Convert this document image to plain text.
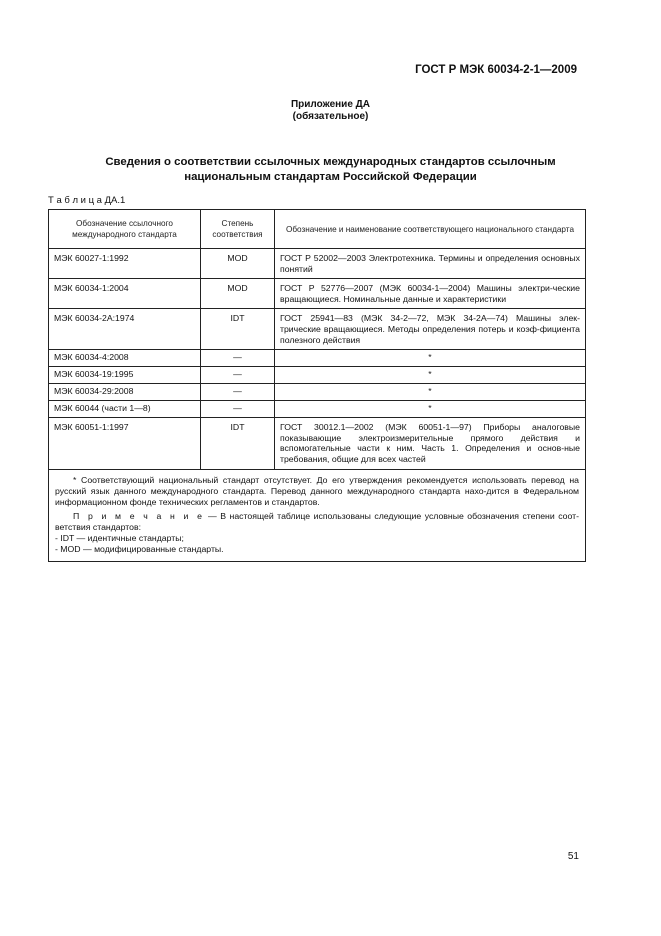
ГОСТ Р МЭК 60034-2-1—2009
Приложение ДА
(обязательное)
Сведения о соответствии ссылочных международных стандартов ссылочным
национальным стандартам Российской Федерации
Т а б л и ц а ДА.1
Обозначение ссылочного международного стандарта	Степень соответствия	Обозначение и наименование соответствующего национального стандарта
МЭК 60027-1:1992	MOD	ГОСТ Р 52002—2003 Электротехника. Термины и определения основных понятий
МЭК 60034-1:2004	MOD	ГОСТ Р 52776—2007 (МЭК 60034-1—2004) Машины электри-ческие вращающиеся. Номинальные данные и характеристики
МЭК 60034-2А:1974	IDT	ГОСТ 25941—83 (МЭК 34-2—72, МЭК 34-2А—74) Машины элек-трические вращающиеся. Методы определения потерь и коэф-фициента полезного действия
МЭК 60034-4:2008	—	*
МЭК 60034-19:1995	—	*
МЭК 60034-29:2008	—	*
МЭК 60044 (части 1—8)	—	*
МЭК 60051-1:1997	IDT	ГОСТ 30012.1—2002 (МЭК 60051-1—97) Приборы аналоговые показывающие электроизмерительные прямого действия и вспомогательные части к ним. Часть 1. Определения и основ-ные требования, общие для всех частей

* Соответствующий национальный стандарт отсутствует. До его утверждения рекомендуется использовать перевод на русский язык данного международного стандарта. Перевод данного международного стандарта нахо-дится в Федеральном информационном фонде технических регламентов и стандартов.

П р и м е ч а н и е — В настоящей таблице использованы следующие условные обозначения степени соот-ветствия стандартов:

- IDT — идентичные стандарты;

- MOD — модифицированные стандарты.		

51
